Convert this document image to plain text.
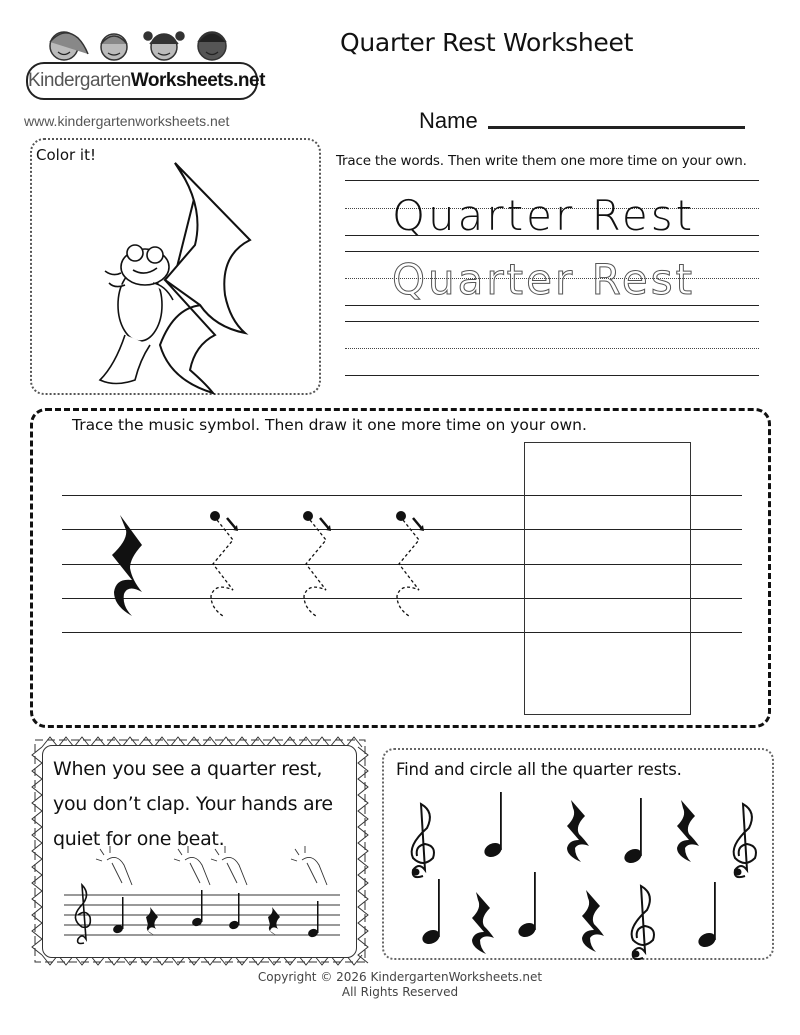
KindergartenWorksheets.net
www.kindergartenworksheets.net
Quarter Rest Worksheet
Name
Color it!	Trace the words. Then write them one more time on your own.
Quarter Rest
Quarter Rest
Trace the music symbol. Then draw it one more time on your own.
When you see a quarter rest,
you don’t clap. Your hands are
quiet for one beat.
Find and circle all the quarter rests.
Copyright © 2026 KindergartenWorksheets.net
All Rights Reserved
